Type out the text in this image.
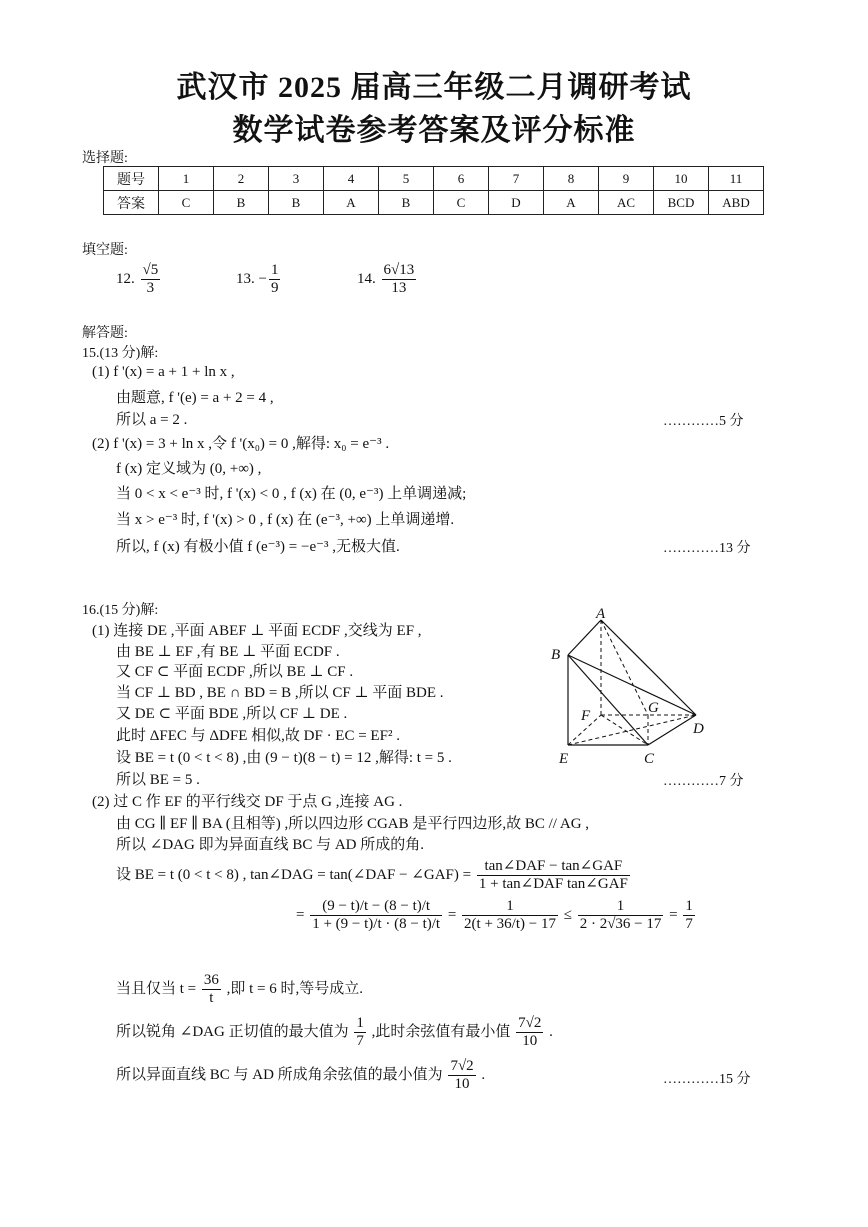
武汉市 2025 届高三年级二月调研考试
数学试卷参考答案及评分标准
选择题:
题号	1	2	3	4	5	6	7	8	9	10	11
答案	C	B	B	A	B	C	D	A	AC	BCD	ABD
填空题:
12. $\frac{√5}{3}$	13. − $\frac{1}{9}$	14. $\frac{6√13}{13}$
解答题:
15.(13 分)解:
(1) f '(x) = a + 1 + ln x ,
由题意, f '(e) = a + 2 = 4 ,
所以 a = 2 .	…………5 分
(2) f '(x) = 3 + ln x ,令 f '(x₀) = 0 ,解得: x₀ = e⁻³ .
f (x) 定义域为 (0, +∞) ,
当 0 < x < e⁻³ 时, f '(x) < 0 , f (x) 在 (0, e⁻³) 上单调递减;
当 x > e⁻³ 时, f '(x) > 0 , f (x) 在 (e⁻³, +∞) 上单调递增.
所以, f (x) 有极小值 f (e⁻³) = −e⁻³ ,无极大值.	…………13 分
16.(15 分)解:
(1) 连接 DE ,平面 ABEF ⊥ 平面 ECDF ,交线为 EF ,
由 BE ⊥ EF ,有 BE ⊥ 平面 ECDF .
又 CF ⊂ 平面 ECDF ,所以 BE ⊥ CF .
当 CF ⊥ BD , BE ∩ BD = B ,所以 CF ⊥ 平面 BDE .
又 DE ⊂ 平面 BDE ,所以 CF ⊥ DE .
此时 ΔFEC 与 ΔDFE 相似,故 DF · EC = EF² .
设 BE = t (0 < t < 8) ,由 (9 − t)(8 − t) = 12 ,解得: t = 5 .
所以 BE = 5 .	…………7 分
(2) 过 C 作 EF 的平行线交 DF 于点 G ,连接 AG .
由 CG ∥ EF ∥ BA (且相等) ,所以四边形 CGAB 是平行四边形,故 BC // AG ,
所以 ∠DAG 即为异面直线 BC 与 AD 所成的角.
设 BE = t (0 < t < 8) , tan∠DAG = tan(∠DAF − ∠GAF) = $\frac{\text{tan∠DAF − tan∠GAF}}{\text{1 + tan∠DAF tan∠GAF}}$
= $\frac{(9 - t)/t - (8 - t)/t}{1 + (9 - t)/t \cdot (8 - t)/t} = \frac{1}{2(t + 36/t) - 17} \le \frac{1}{2 \cdot 2√36 - 17} = \frac{1}{7}$
当且仅当 $t = \frac{36}{t}$ ,即 t = 6 时,等号成立.
所以锐角 ∠DAG 正切值的最大值为 $\frac{1}{7}$ ,此时余弦值有最小值 $\frac{7√2}{10}$ .
所以异面直线 BC 与 AD 所成角余弦值的最小值为 $\frac{7√2}{10}$ .	…………15 分
A
B
D
E	C
F	G
